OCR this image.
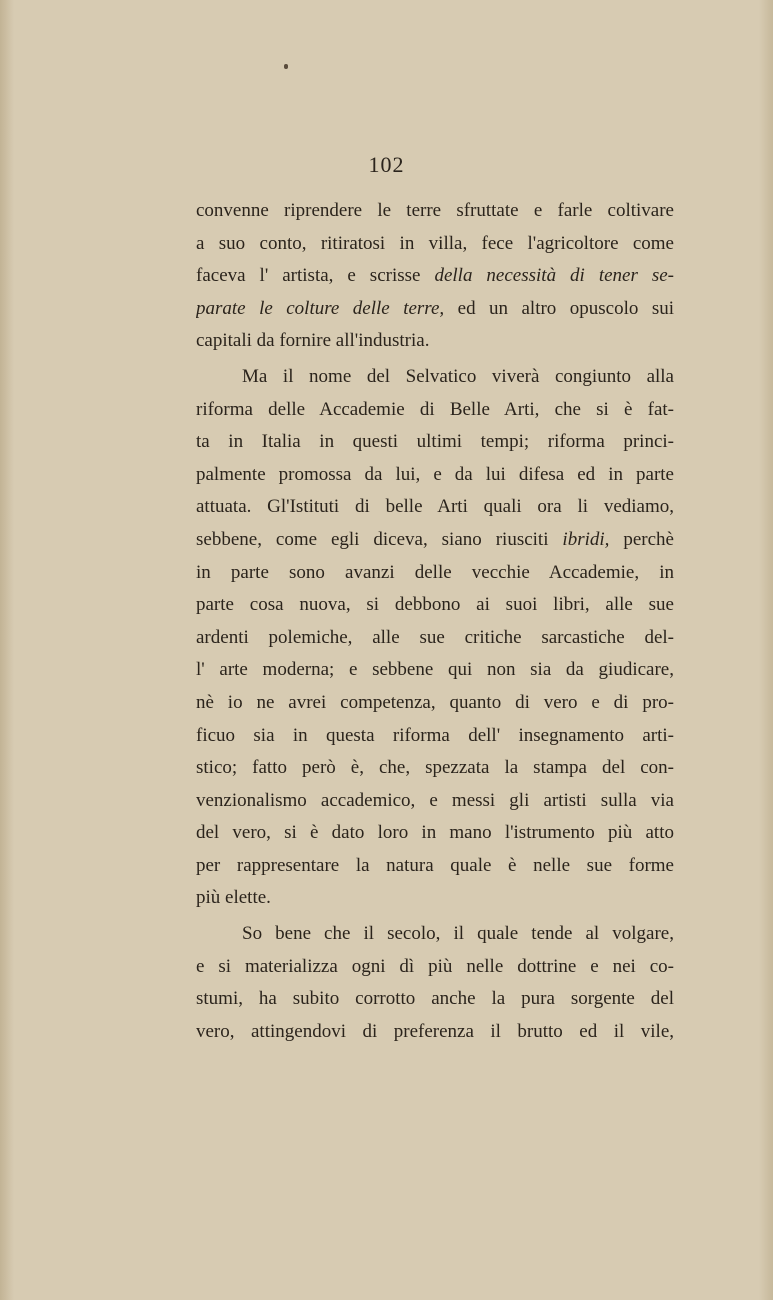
102
convenne riprendere le terre sfruttate e farle coltivare
a suo conto, ritiratosi in villa, fece l'agricoltore come
faceva l' artista, e scrisse della necessità di tener se-
parate le colture delle terre, ed un altro opuscolo sui
capitali da fornire all'industria.
Ma il nome del Selvatico viverà congiunto alla
riforma delle Accademie di Belle Arti, che si è fat-
ta in Italia in questi ultimi tempi; riforma princi-
palmente promossa da lui, e da lui difesa ed in parte
attuata. Gl'Istituti di belle Arti quali ora li vediamo,
sebbene, come egli diceva, siano riusciti ibridi, perchè
in parte sono avanzi delle vecchie Accademie, in
parte cosa nuova, si debbono ai suoi libri, alle sue
ardenti polemiche, alle sue critiche sarcastiche del-
l' arte moderna; e sebbene qui non sia da giudicare,
nè io ne avrei competenza, quanto di vero e di pro-
ficuo sia in questa riforma dell' insegnamento arti-
stico; fatto però è, che, spezzata la stampa del con-
venzionalismo accademico, e messi gli artisti sulla via
del vero, si è dato loro in mano l'istrumento più atto
per rappresentare la natura quale è nelle sue forme
più elette.
So bene che il secolo, il quale tende al volgare,
e si materializza ogni dì più nelle dottrine e nei co-
stumi, ha subito corrotto anche la pura sorgente del
vero, attingendovi di preferenza il brutto ed il vile,
